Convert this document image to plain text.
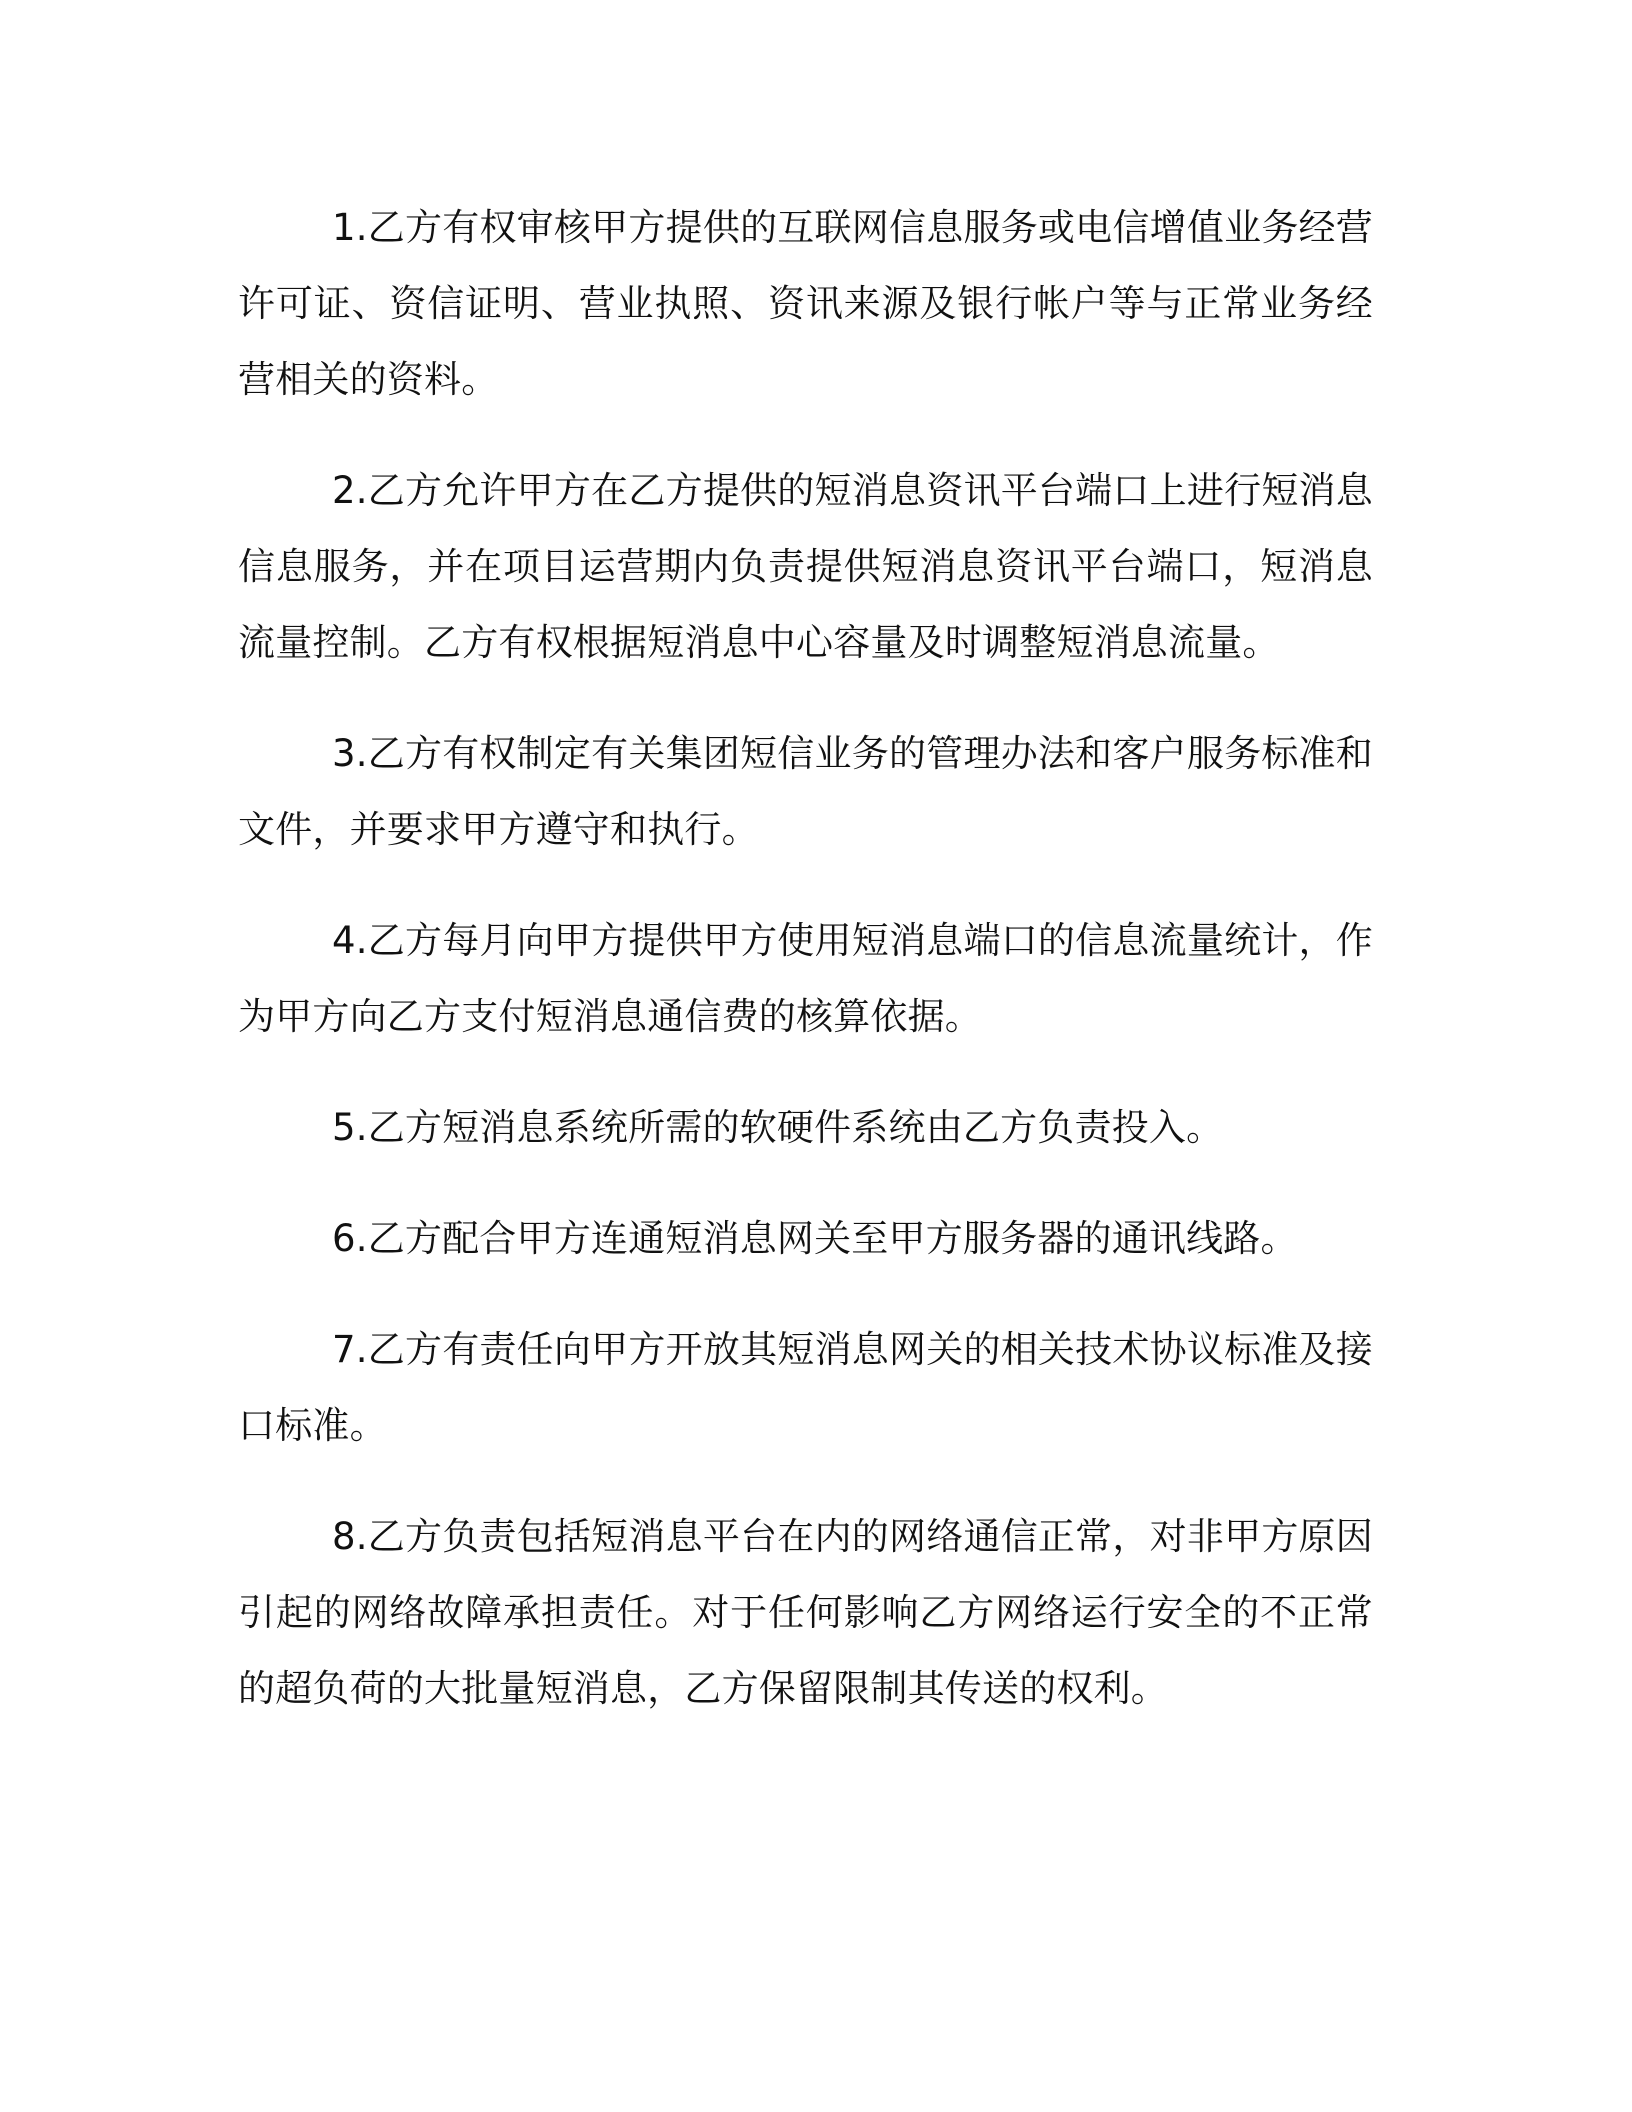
1.乙方有权审核甲方提供的互联网信息服务或电信增值业务经营许可证、资信证明、营业执照、资讯来源及银行帐户等与正常业务经营相关的资料。

2.乙方允许甲方在乙方提供的短消息资讯平台端口上进行短消息信息服务，并在项目运营期内负责提供短消息资讯平台端口，短消息流量控制。乙方有权根据短消息中心容量及时调整短消息流量。

3.乙方有权制定有关集团短信业务的管理办法和客户服务标准和文件，并要求甲方遵守和执行。

4.乙方每月向甲方提供甲方使用短消息端口的信息流量统计，作为甲方向乙方支付短消息通信费的核算依据。

5.乙方短消息系统所需的软硬件系统由乙方负责投入。

6.乙方配合甲方连通短消息网关至甲方服务器的通讯线路。

7.乙方有责任向甲方开放其短消息网关的相关技术协议标准及接口标准。

8.乙方负责包括短消息平台在内的网络通信正常，对非甲方原因引起的网络故障承担责任。对于任何影响乙方网络运行安全的不正常的超负荷的大批量短消息，乙方保留限制其传送的权利。
